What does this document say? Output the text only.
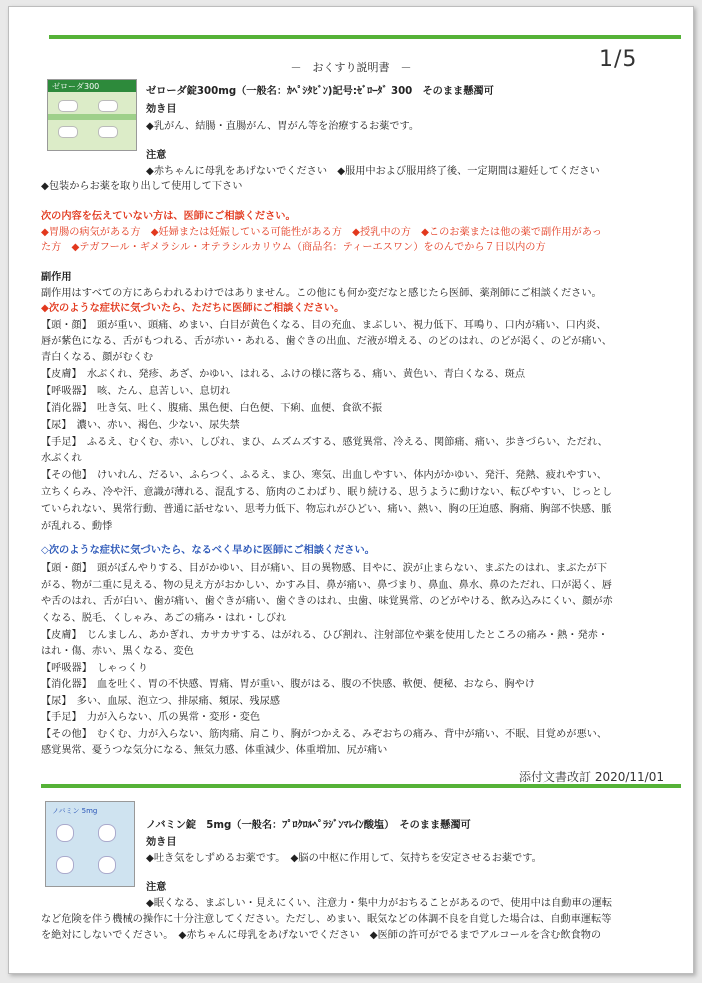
－　おくすり説明書　－	1/5
ゼローダ300	ゼローダ錠300mg（一般名：ｶﾍﾟｼﾀﾋﾞﾝ)記号:ｾﾞﾛｰﾀﾞ 300　そのまま懸濁可
効き目
◆乳がん、結腸・直腸がん、胃がん等を治療するお薬です。
注意
◆赤ちゃんに母乳をあげないでください　◆服用中および服用終了後、一定期間は避妊してください
◆包装からお薬を取り出して使用して下さい
次の内容を伝えていない方は、医師にご相談ください。
◆胃腸の病気がある方　◆妊婦または妊娠している可能性がある方　◆授乳中の方　◆このお薬または他の薬で副作用があっ
た方　◆テガフール・ギメラシル・オテラシルカリウム（商品名：ティーエスワン）をのんでから７日以内の方
副作用
副作用はすべての方にあらわれるわけではありません。この他にも何か変だなと感じたら医師、薬剤師にご相談ください。
◆次のような症状に気づいたら、ただちに医師にご相談ください。
【頭・顔】　頭が重い、頭痛、めまい、白目が黄色くなる、目の充血、まぶしい、視力低下、耳鳴り、口内が痛い、口内炎、
唇が紫色になる、舌がもつれる、舌が赤い・あれる、歯ぐきの出血、だ液が増える、のどのはれ、のどが渇く、のどが痛い、
青白くなる、顔がむくむ
【皮膚】　水ぶくれ、発疹、あざ、かゆい、はれる、ふけの様に落ちる、痛い、黄色い、青白くなる、斑点
【呼吸器】　咳、たん、息苦しい、息切れ
【消化器】　吐き気、吐く、腹痛、黒色便、白色便、下痢、血便、食欲不振
【尿】　濃い、赤い、褐色、少ない、尿失禁
【手足】　ふるえ、むくむ、赤い、しびれ、まひ、ムズムズする、感覚異常、冷える、関節痛、痛い、歩きづらい、ただれ、
水ぶくれ
【その他】　けいれん、だるい、ふらつく、ふるえ、まひ、寒気、出血しやすい、体内がかゆい、発汗、発熱、疲れやすい、
立ちくらみ、冷や汗、意識が薄れる、混乱する、筋肉のこわばり、眠り続ける、思うように動けない、転びやすい、じっとし
ていられない、異常行動、普通に話せない、思考力低下、物忘れがひどい、痛い、熱い、胸の圧迫感、胸痛、胸部不快感、脈
が乱れる、動悸
◇次のような症状に気づいたら、なるべく早めに医師にご相談ください。
【頭・顔】　頭がぼんやりする、目がかゆい、目が痛い、目の異物感、目やに、涙が止まらない、まぶたのはれ、まぶたが下
がる、物が二重に見える、物の見え方がおかしい、かすみ目、鼻が痛い、鼻づまり、鼻血、鼻水、鼻のただれ、口が渇く、唇
や舌のはれ、舌が白い、歯が痛い、歯ぐきが痛い、歯ぐきのはれ、虫歯、味覚異常、のどがやける、飲み込みにくい、顔が赤
くなる、脱毛、くしゃみ、あごの痛み・はれ・しびれ
【皮膚】　じんましん、あかぎれ、カサカサする、はがれる、ひび割れ、注射部位や薬を使用したところの痛み・熱・発赤・
はれ・傷、赤い、黒くなる、変色
【呼吸器】　しゃっくり
【消化器】　血を吐く、胃の不快感、胃痛、胃が重い、腹がはる、腹の不快感、軟便、便秘、おなら、胸やけ
【尿】　多い、血尿、泡立つ、排尿痛、頻尿、残尿感
【手足】　力が入らない、爪の異常・変形・変色
【その他】　むくむ、力が入らない、筋肉痛、肩こり、胸がつかえる、みぞおちの痛み、背中が痛い、不眠、目覚めが悪い、
感覚異常、憂うつな気分になる、無気力感、体重減少、体重増加、尻が痛い
添付文書改訂 2020/11/01
ノバミン 5mg
ノバミン錠　5mg（一般名：ﾌﾟﾛｸﾛﾙﾍﾟﾗｼﾞﾝﾏﾚｲﾝ酸塩）　そのまま懸濁可
効き目
◆吐き気をしずめるお薬です。　◆脳の中枢に作用して、気持ちを安定させるお薬です。
注意
◆眠くなる、まぶしい・見えにくい、注意力・集中力がおちることがあるので、使用中は自動車の運転
など危険を伴う機械の操作に十分注意してください。ただし、めまい、眠気などの体調不良を自覚した場合は、自動車運転等
を絶対にしないでください。　◆赤ちゃんに母乳をあげないでください　◆医師の許可がでるまでアルコールを含む飲食物の
